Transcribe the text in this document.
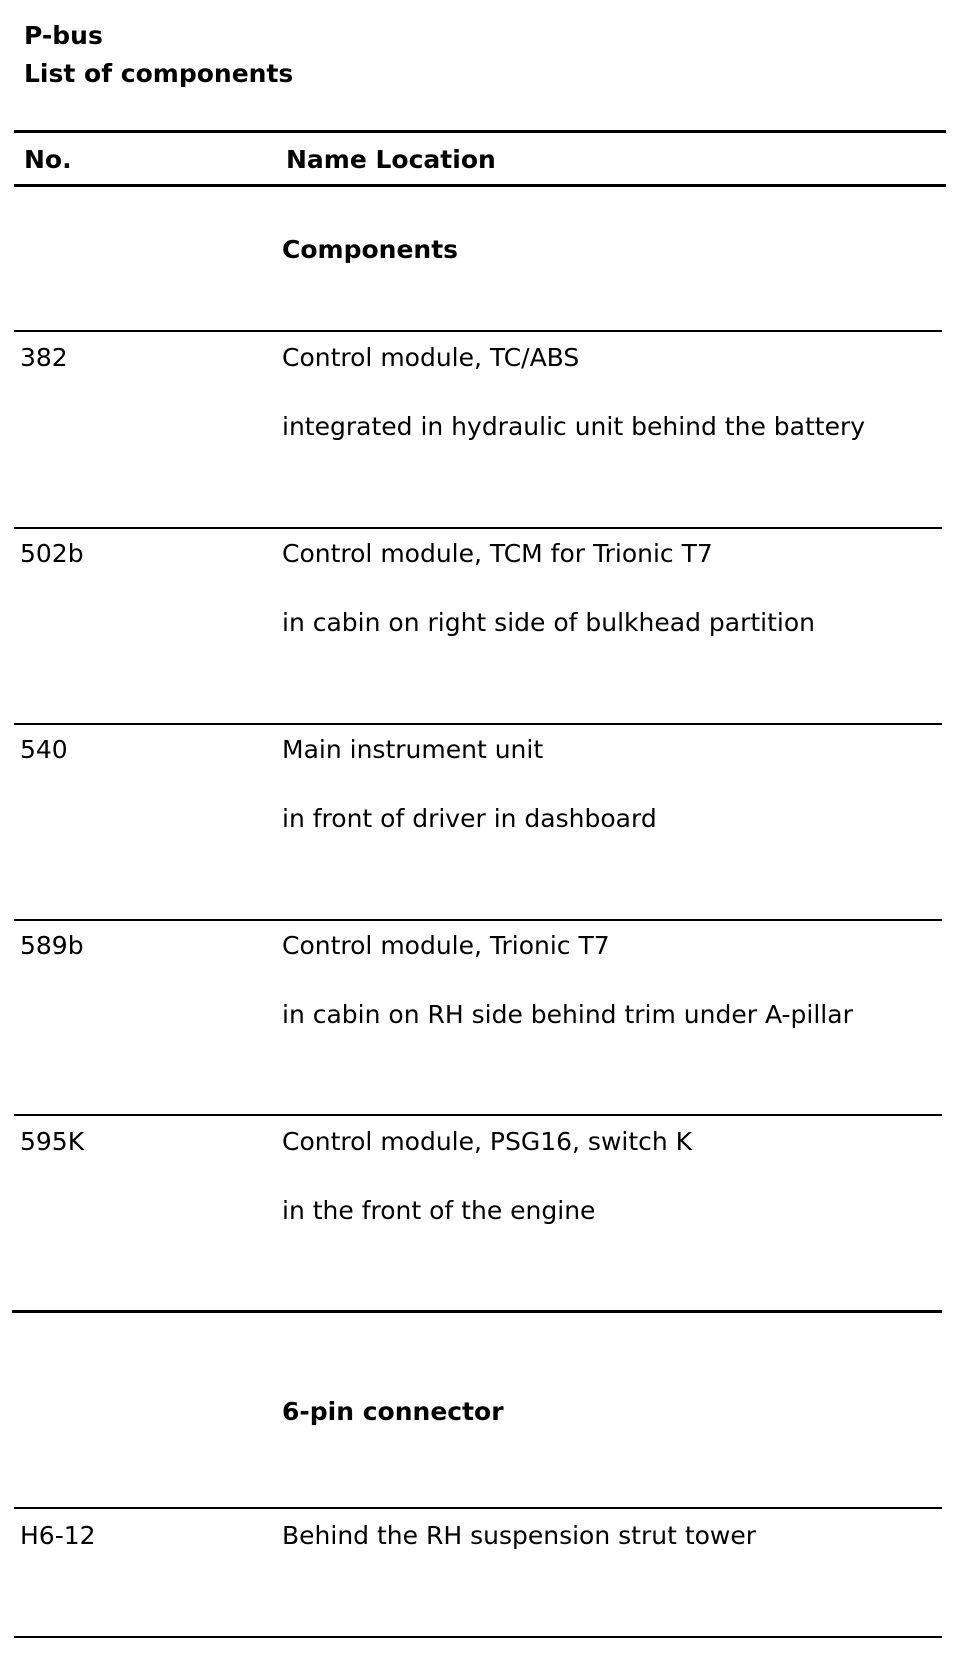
P-bus
List of components
No.	Name Location
Components
382	Control module, TC/ABS
integrated in hydraulic unit behind the battery
502b	Control module, TCM for Trionic T7
in cabin on right side of bulkhead partition
540	Main instrument unit
in front of driver in dashboard
589b	Control module, Trionic T7
in cabin on RH side behind trim under A-pillar
595K	Control module, PSG16, switch K
in the front of the engine
6-pin connector
H6-12	Behind the RH suspension strut tower
